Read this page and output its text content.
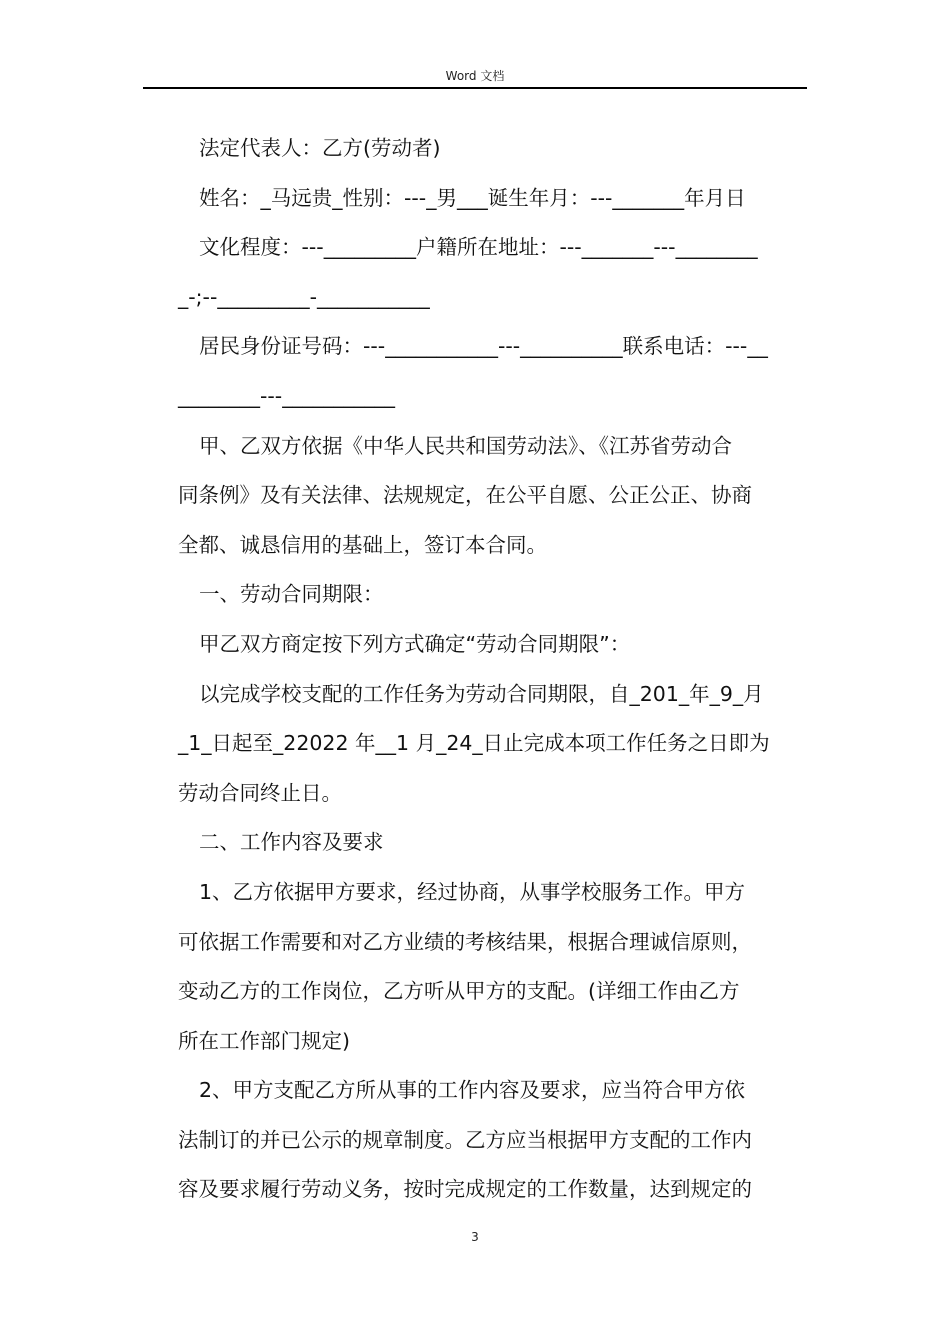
Word 文档
法定代表人：乙方(劳动者)
姓名：_马远贵_性别：---_男___诞生年月：---_______年月日
文化程度：---_________户籍所在地址：---_______---________
_-;--_________-___________
居民身份证号码：---___________---__________联系电话：---__
________---___________
甲、乙双方依据《中华人民共和国劳动法》、《江苏省劳动合
同条例》及有关法律、法规规定，在公平自愿、公正公正、协商
全都、诚恳信用的基础上，签订本合同。
一、劳动合同期限：
甲乙双方商定按下列方式确定“劳动合同期限”：
以完成学校支配的工作任务为劳动合同期限，自_201_年_9_月
_1_日起至_22022 年__1 月_24_日止完成本项工作任务之日即为
劳动合同终止日。
二、工作内容及要求
1、乙方依据甲方要求，经过协商，从事学校服务工作。甲方
可依据工作需要和对乙方业绩的考核结果，根据合理诚信原则，
变动乙方的工作岗位，乙方听从甲方的支配。(详细工作由乙方
所在工作部门规定)
2、甲方支配乙方所从事的工作内容及要求，应当符合甲方依
法制订的并已公示的规章制度。乙方应当根据甲方支配的工作内
容及要求履行劳动义务，按时完成规定的工作数量，达到规定的
3
